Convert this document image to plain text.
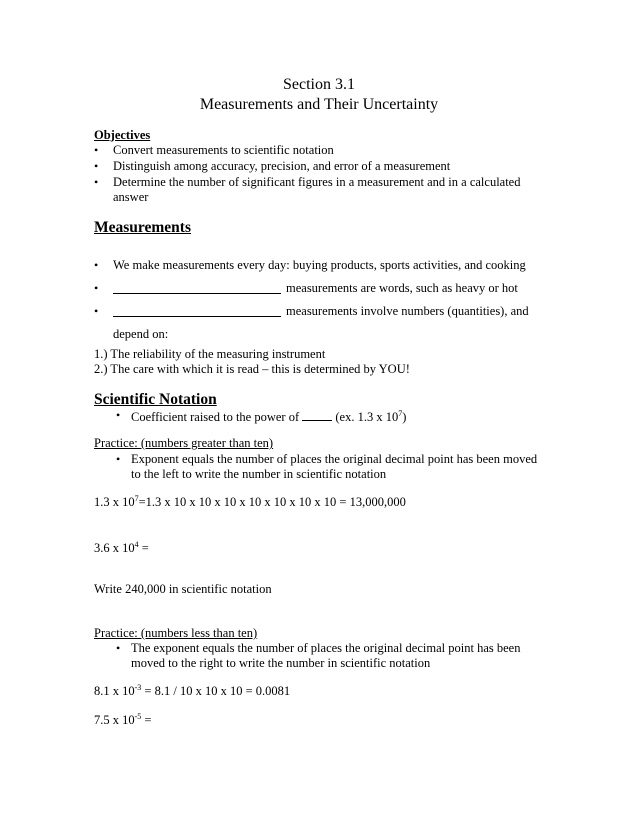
Section 3.1
Measurements and Their Uncertainty
Objectives
• Convert measurements to scientific notation
• Distinguish among accuracy, precision, and error of a measurement
• Determine the number of significant figures in a measurement and in a calculated
answer
Measurements
• We make measurements every day: buying products, sports activities, and cooking
•	measurements are words, such as heavy or hot
•	measurements involve numbers (quantities), and
depend on:
1.) The reliability of the measuring instrument
2.) The care with which it is read – this is determined by YOU!
Scientific Notation
• Coefficient raised to the power of	(ex. 1.3 x $10^7$)
Practice: (numbers greater than ten)
• Exponent equals the number of places the original decimal point has been moved
to the left to write the number in scientific notation
1.3 x $10^7=1.3$ x 10 x 10 x 10 x 10 x 10 x 10 x 10 = 13,000,000
3.6 x $10^4$ =
Write 240,000 in scientific notation
Practice: (numbers less than ten)
• The exponent equals the number of places the original decimal point has been
moved to the right to write the number in scientific notation
8.1 x $10^{-3} = 8.1 / 10$ x 10 x 10 = 0.0081
7.5 x $10^{-5}$ =
